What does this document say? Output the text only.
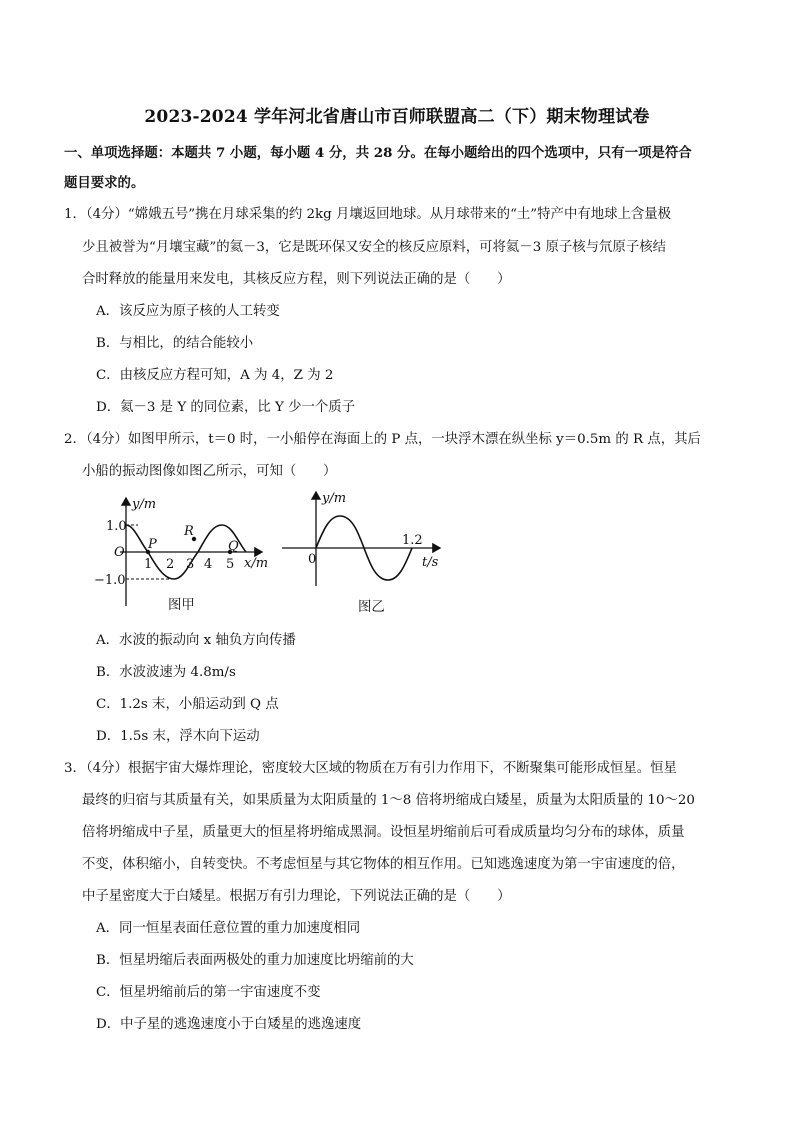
2023-2024 学年河北省唐山市百师联盟高二（下）期末物理试卷
一、单项选择题：本题共 7 小题，每小题 4 分，共 28 分。在每小题给出的四个选项中，只有一项是符合
题目要求的。
1．（4分）“嫦娥五号”携在月球采集的约 2kg 月壤返回地球。从月球带来的“土”特产中有地球上含量极
少且被誉为“月壤宝藏”的氦－3，它是既环保又安全的核反应原料，可将氦－3 原子核与氘原子核结
合时释放的能量用来发电，其核反应方程，则下列说法正确的是（　　）
A．该反应为原子核的人工转变
B．与相比，的结合能较小
C．由核反应方程可知，A 为 4，Z 为 2
D．氦－3 是 Y 的同位素，比 Y 少一个质子
2．（4分）如图甲所示，t＝0 时，一小船停在海面上的 P 点，一块浮木漂在纵坐标 y＝0.5m 的 R 点，其后
小船的振动图像如图乙所示，可知（　　）
y/m
x/m
O
1.0
−1.0
1 2 3 4 5
P
R
Q
图甲
y/m
t/s
0
1.2
图乙
A．水波的振动向 x 轴负方向传播
B．水波波速为 4.8m/s
C．1.2s 末，小船运动到 Q 点
D．1.5s 末，浮木向下运动
3．（4分）根据宇宙大爆炸理论，密度较大区域的物质在万有引力作用下，不断聚集可能形成恒星。恒星
最终的归宿与其质量有关，如果质量为太阳质量的 1～8 倍将坍缩成白矮星，质量为太阳质量的 10～20
倍将坍缩成中子星，质量更大的恒星将坍缩成黑洞。设恒星坍缩前后可看成质量均匀分布的球体，质量
不变，体积缩小，自转变快。不考虑恒星与其它物体的相互作用。已知逃逸速度为第一宇宙速度的倍，
中子星密度大于白矮星。根据万有引力理论，下列说法正确的是（　　）
A．同一恒星表面任意位置的重力加速度相同
B．恒星坍缩后表面两极处的重力加速度比坍缩前的大
C．恒星坍缩前后的第一宇宙速度不变
D．中子星的逃逸速度小于白矮星的逃逸速度
